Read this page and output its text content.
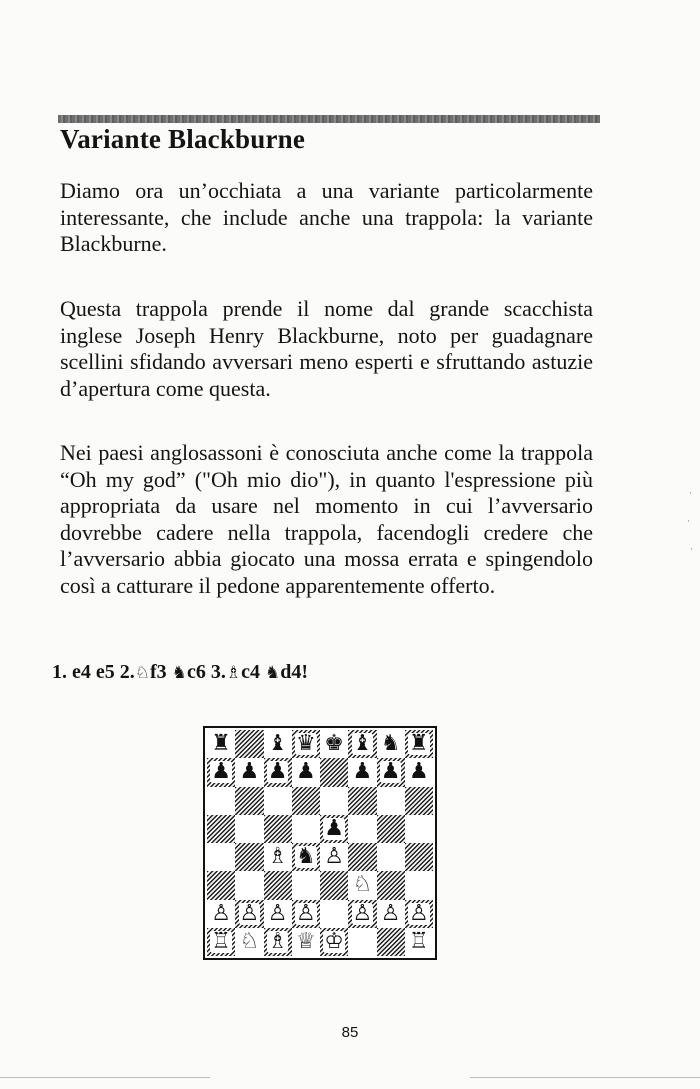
Variante Blackburne

Diamo ora un’occhiata a una variante particolarmente interessante, che include anche una trappola: la variante Blackburne.

Questa trappola prende il nome dal grande scacchista inglese Joseph Henry Blackburne, noto per guadagnare scellini sfidando avversari meno esperti e sfruttando astuzie d’apertura come questa.

Nei paesi anglosassoni è conosciuta anche come la trappola “Oh my god” ("Oh mio dio"), in quanto l'espressione più appropriata da usare nel momento in cui l’avversario dovrebbe cadere nella trappola, facendogli credere che l’avversario abbia giocato una mossa errata e spingendolo così a catturare il pedone apparentemente offerto.

1. e4 e5 2.♘f3 ♞c6 3.♗c4 ♞d4!

♜ ♝ ♛ ♚ ♝ ♞ ♜
♟ ♟ ♟ ♟ ♟ ♟ ♟
♟
♗ ♞ ♙
♘
♙ ♙ ♙ ♙ ♙ ♙ ♙
♖ ♘ ♗ ♕ ♔	♖

85
